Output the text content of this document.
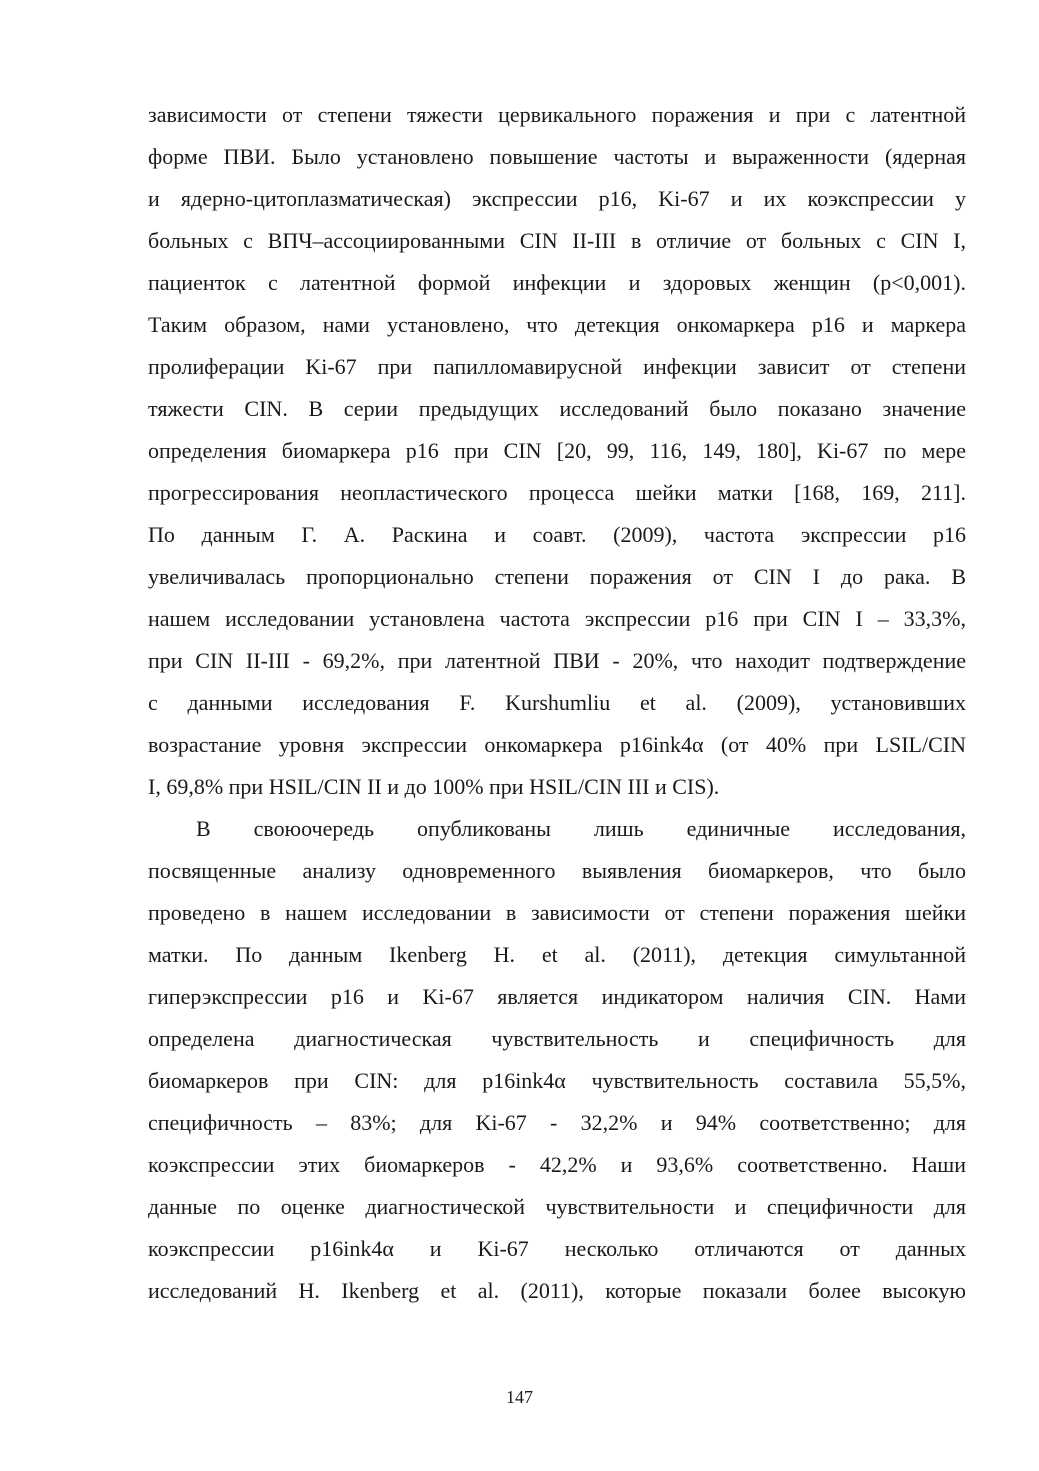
зависимости от степени тяжести цервикального поражения и при с латентной
форме ПВИ. Было установлено повышение частоты и выраженности (ядерная
и ядерно-цитоплазматическая) экспрессии p16, Ki-67 и их коэкспрессии у
больных с ВПЧ–ассоциированными CIN II-III в отличие от больных с CIN I,
пациенток с латентной формой инфекции и здоровых женщин (p<0,001).
Таким образом, нами установлено, что детекция онкомаркера p16 и маркера
пролиферации Ki-67 при папилломавирусной инфекции зависит от степени
тяжести CIN. В серии предыдущих исследований было показано значение
определения биомаркера p16 при CIN [20, 99, 116, 149, 180], Ki-67 по мере
прогрессирования неопластического процесса шейки матки [168, 169, 211].
По данным Г. А. Раскина и соавт. (2009), частота экспрессии p16
увеличивалась пропорционально степени поражения от CIN I до рака. В
нашем исследовании установлена частота экспрессии p16 при CIN I – 33,3%,
при CIN II-III - 69,2%, при латентной ПВИ - 20%, что находит подтверждение
с данными исследования F. Kurshumliu et al. (2009), установивших
возрастание уровня экспрессии онкомаркера p16ink4α (от 40% при LSIL/CIN
I, 69,8% при HSIL/CIN II и до 100% при HSIL/CIN III и CIS).

В своюочередь опубликованы лишь единичные исследования,
посвященные анализу одновременного выявления биомаркеров, что было
проведено в нашем исследовании в зависимости от степени поражения шейки
матки. По данным Ikenberg H. et al. (2011), детекция симультанной
гиперэкспрессии p16 и Ki-67 является индикатором наличия CIN. Нами
определена диагностическая чувствительность и специфичность для
биомаркеров при CIN: для p16ink4α чувствительность составила 55,5%,
специфичность – 83%; для Ki-67 - 32,2% и 94% соответственно; для
коэкспрессии этих биомаркеров - 42,2% и 93,6% соответственно. Наши
данные по оценке диагностической чувствительности и специфичности для
коэкспрессии p16ink4α и Ki-67 несколько отличаются от данных
исследований H. Ikenberg et al. (2011), которые показали более высокую

147
